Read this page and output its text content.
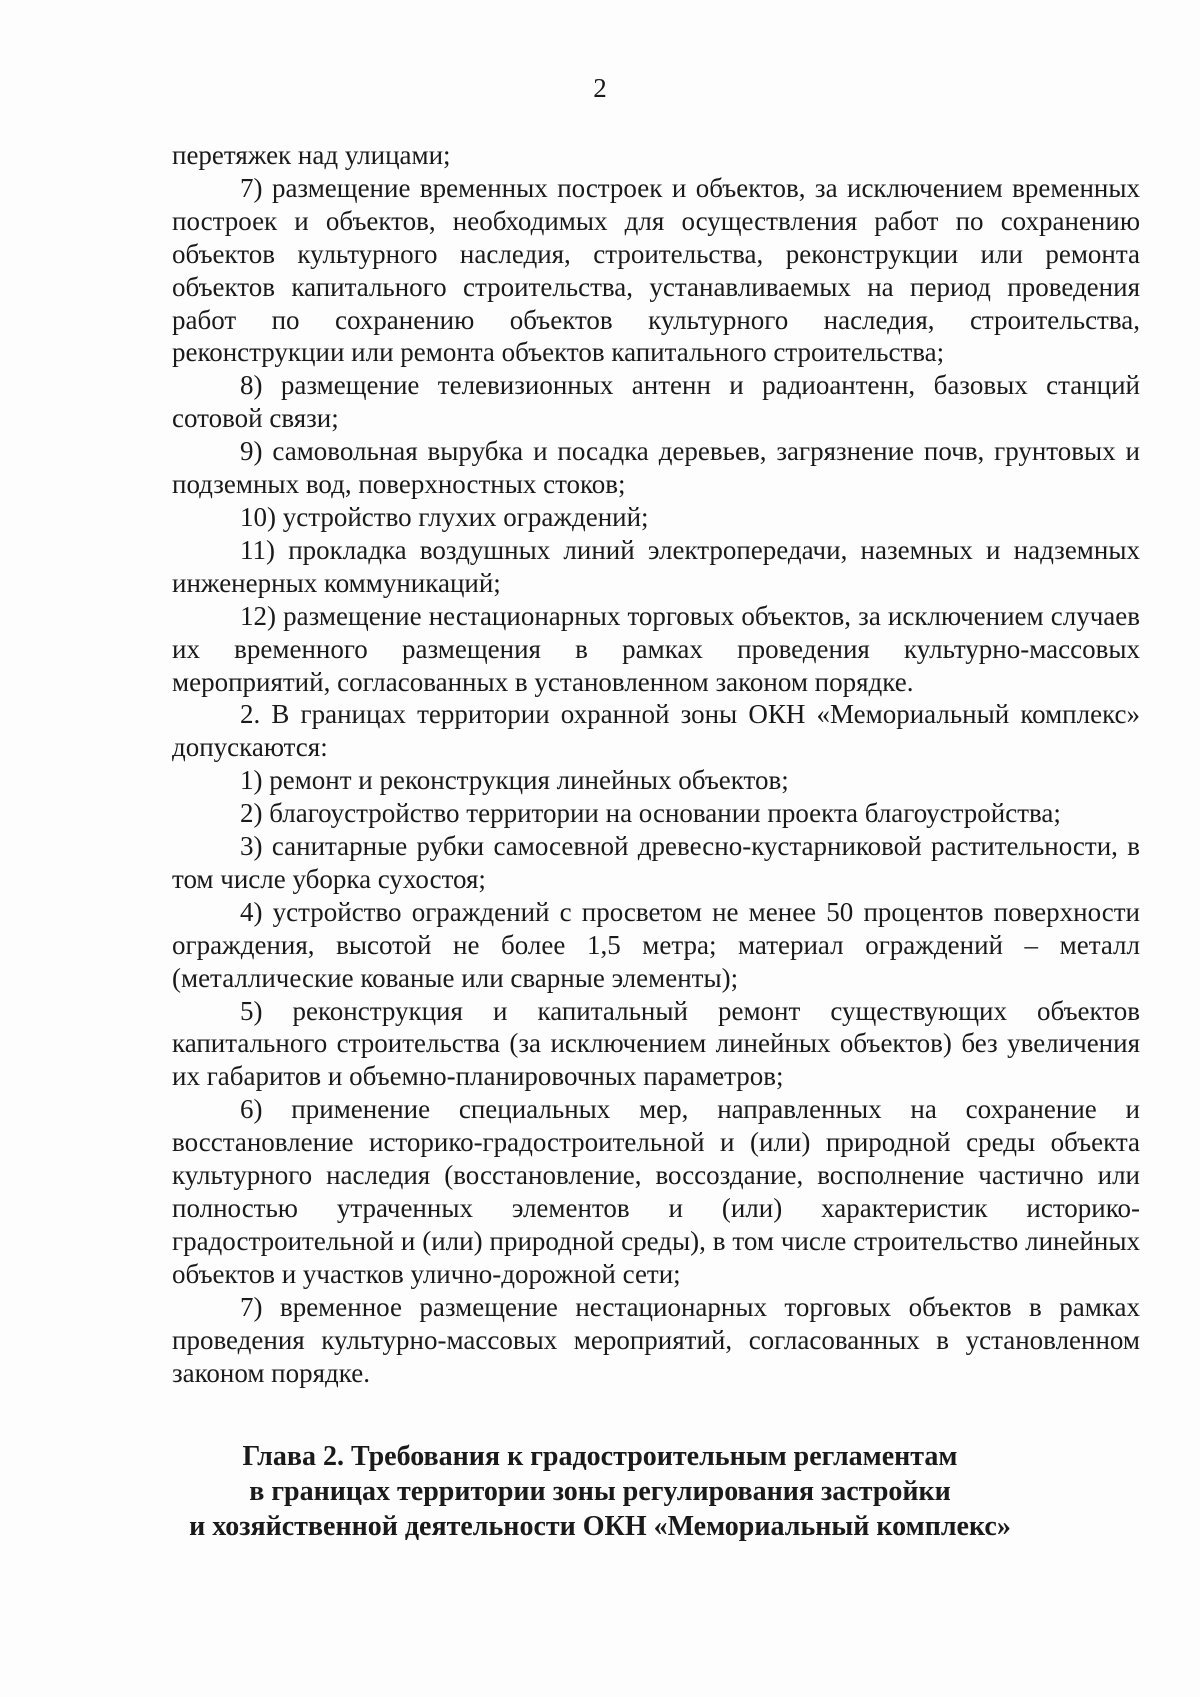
2

перетяжек над улицами;

7) размещение временных построек и объектов, за исключением временных построек и объектов, необходимых для осуществления работ по сохранению объектов культурного наследия, строительства, реконструкции или ремонта объектов капитального строительства, устанавливаемых на период проведения работ по сохранению объектов культурного наследия, строительства, реконструкции или ремонта объектов капитального строительства;

8) размещение телевизионных антенн и радиоантенн, базовых станций сотовой связи;

9) самовольная вырубка и посадка деревьев, загрязнение почв, грунтовых и подземных вод, поверхностных стоков;

10) устройство глухих ограждений;

11) прокладка воздушных линий электропередачи, наземных и надземных инженерных коммуникаций;

12) размещение нестационарных торговых объектов, за исключением случаев их временного размещения в рамках проведения культурно-массовых мероприятий, согласованных в установленном законом порядке.

2. В границах территории охранной зоны ОКН «Мемориальный комплекс» допускаются:

1) ремонт и реконструкция линейных объектов;

2) благоустройство территории на основании проекта благоустройства;

3) санитарные рубки самосевной древесно-кустарниковой растительности, в том числе уборка сухостоя;

4) устройство ограждений с просветом не менее 50 процентов поверхности ограждения, высотой не более 1,5 метра; материал ограждений – металл (металлические кованые или сварные элементы);

5) реконструкция и капитальный ремонт существующих объектов капитального строительства (за исключением линейных объектов) без увеличения их габаритов и объемно-планировочных параметров;

6) применение специальных мер, направленных на сохранение и восстановление историко-градостроительной и (или) природной среды объекта культурного наследия (восстановление, воссоздание, восполнение частично или полностью утраченных элементов и (или) характеристик историко-градостроительной и (или) природной среды), в том числе строительство линейных объектов и участков улично-дорожной сети;

7) временное размещение нестационарных торговых объектов в рамках проведения культурно-массовых мероприятий, согласованных в установленном законом порядке.

Глава 2. Требования к градостроительным регламентам
в границах территории зоны регулирования застройки
и хозяйственной деятельности ОКН «Мемориальный комплекс»
